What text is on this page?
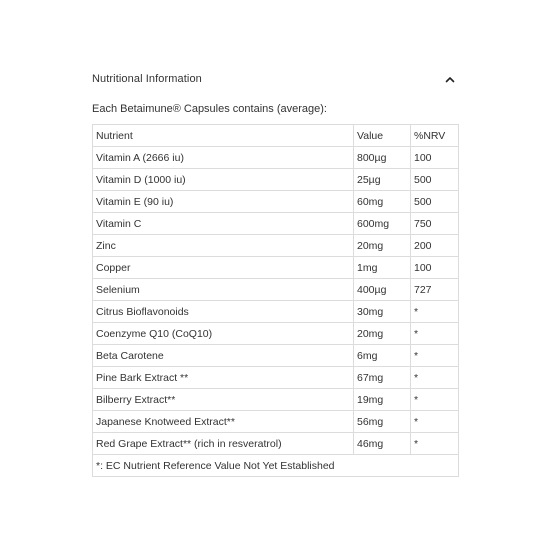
Nutritional Information
Each Betaimune® Capsules contains (average):
Nutrient	Value	%NRV
Vitamin A (2666 iu)	800µg	100
Vitamin D (1000 iu)	25µg	500
Vitamin E (90 iu)	60mg	500
Vitamin C	600mg	750
Zinc	20mg	200
Copper	1mg	100
Selenium	400µg	727
Citrus Bioflavonoids	30mg	*
Coenzyme Q10 (CoQ10)	20mg	*
Beta Carotene	6mg	*
Pine Bark Extract **	67mg	*
Bilberry Extract**	19mg	*
Japanese Knotweed Extract**	56mg	*
Red Grape Extract** (rich in resveratrol)	46mg	*
*: EC Nutrient Reference Value Not Yet Established		
